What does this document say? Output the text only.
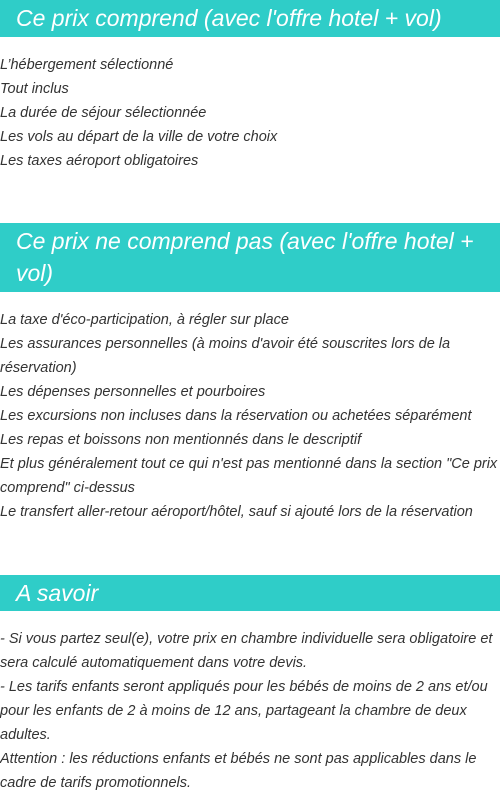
Ce prix comprend (avec l'offre hotel + vol)
L’hébergement sélectionné
Tout inclus
La durée de séjour sélectionnée
Les vols au départ de la ville de votre choix
Les taxes aéroport obligatoires
Ce prix ne comprend pas (avec l'offre hotel + vol)
La taxe d'éco-participation, à régler sur place
Les assurances personnelles (à moins d'avoir été souscrites lors de la réservation)
Les dépenses personnelles et pourboires
Les excursions non incluses dans la réservation ou achetées séparément
Les repas et boissons non mentionnés dans le descriptif
Et plus généralement tout ce qui n'est pas mentionné dans la section "Ce prix comprend" ci-dessus
Le transfert aller-retour aéroport/hôtel, sauf si ajouté lors de la réservation
A savoir

- Si vous partez seul(e), votre prix en chambre individuelle sera obligatoire et sera calculé automatiquement dans votre devis.

- Les tarifs enfants seront appliqués pour les bébés de moins de 2 ans et/ou pour les enfants de 2 à moins de 12 ans, partageant la chambre de deux adultes.

Attention : les réductions enfants et bébés ne sont pas applicables dans le cadre de tarifs promotionnels.
